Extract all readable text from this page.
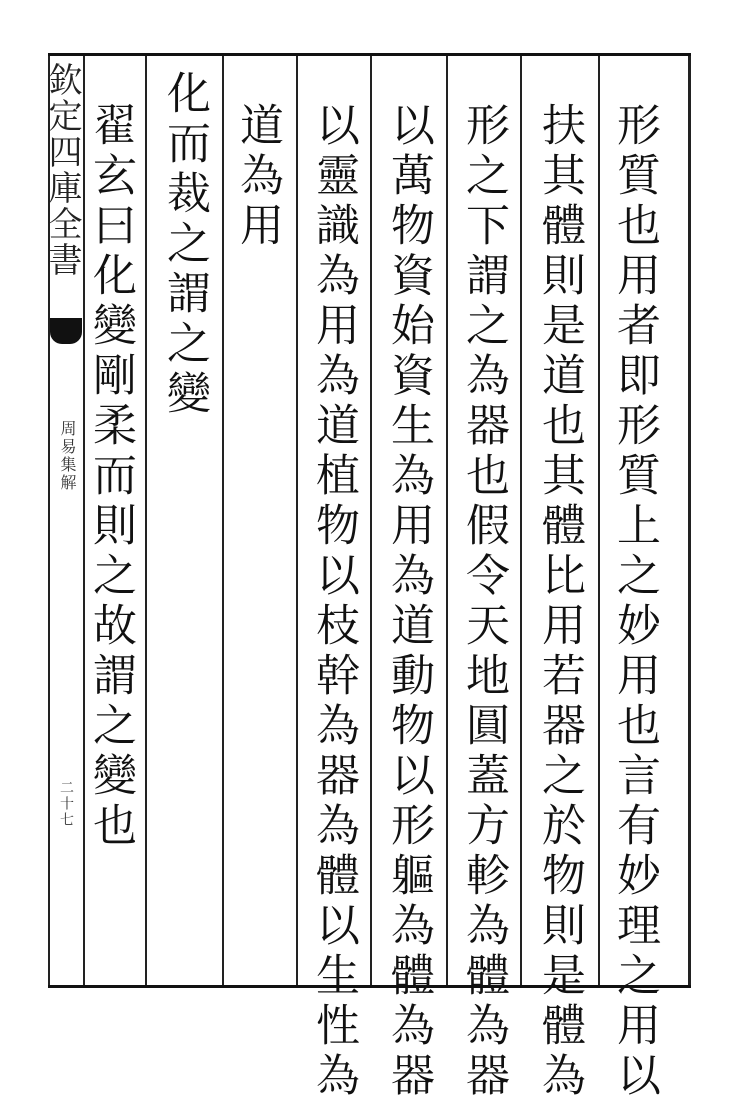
欽定四庫全書
周易集解
二十七	形質也用者即形質上之妙用也言有妙理之用以
扶其體則是道也其體比用若器之於物則是體為
形之下謂之為器也假令天地圓蓋方軫為體為器
以萬物資始資生為用為道動物以形軀為體為器
以靈識為用為道植物以枝幹為器為體以生性為
道為用
化而裁之謂之變
翟玄曰化變剛柔而則之故謂之變也
